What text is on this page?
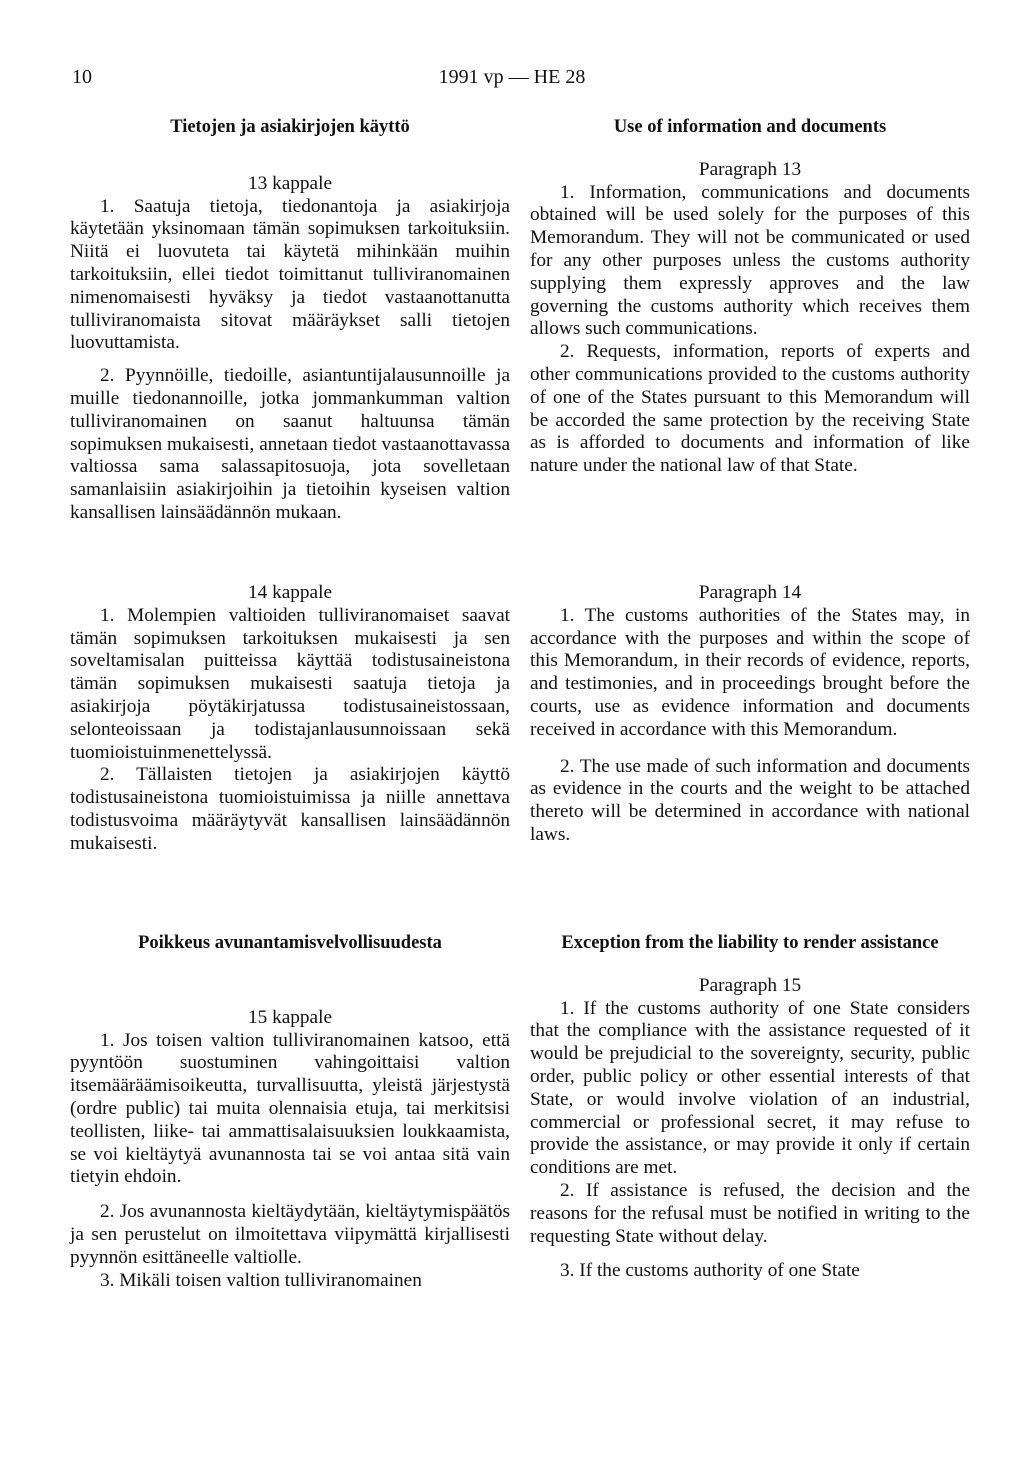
10	1991 vp — HE 28
Tietojen ja asiakirjojen käyttö
13 kappale

1. Saatuja tietoja, tiedonantoja ja asiakirjoja käytetään yksinomaan tämän sopimuksen tarkoituksiin. Niitä ei luovuteta tai käytetä mihinkään muihin tarkoituksiin, ellei tiedot toimittanut tulliviranomainen nimenomaisesti hyväksy ja tiedot vastaanottanutta tulliviranomaista sitovat määräykset salli tietojen luovuttamista.

2. Pyynnöille, tiedoille, asiantuntijalausunnoille ja muille tiedonannoille, jotka jommankumman valtion tulliviranomainen on saanut haltuunsa tämän sopimuksen mukaisesti, annetaan tiedot vastaanottavassa valtiossa sama salassapitosuoja, jota sovelletaan samanlaisiin asiakirjoihin ja tietoihin kyseisen valtion kansallisen lainsäädännön mukaan.

14 kappale

1. Molempien valtioiden tulliviranomaiset saavat tämän sopimuksen tarkoituksen mukaisesti ja sen soveltamisalan puitteissa käyttää todistusaineistona tämän sopimuksen mukaisesti saatuja tietoja ja asiakirjoja pöytäkirjatussa todistusaineistossaan, selonteoissaan ja todistajanlausunnoissaan sekä tuomioistuinmenettelyssä.

2. Tällaisten tietojen ja asiakirjojen käyttö todistusaineistona tuomioistuimissa ja niille annettava todistusvoima määräytyvät kansallisen lainsäädännön mukaisesti.

Poikkeus avunantamisvelvollisuudesta
15 kappale

1. Jos toisen valtion tulliviranomainen katsoo, että pyyntöön suostuminen vahingoittaisi valtion itsemääräämisoikeutta, turvallisuutta, yleistä järjestystä (ordre public) tai muita olennaisia etuja, tai merkitsisi teollisten, liike- tai ammattisalaisuuksien loukkaamista, se voi kieltäytyä avunannosta tai se voi antaa sitä vain tietyin ehdoin.

2. Jos avunannosta kieltäydytään, kieltäytymispäätös ja sen perustelut on ilmoitettava viipymättä kirjallisesti pyynnön esittäneelle valtiolle.

3. Mikäli toisen valtion tulliviranomainen

Use of information and documents
Paragraph 13

1. Information, communications and documents obtained will be used solely for the purposes of this Memorandum. They will not be communicated or used for any other purposes unless the customs authority supplying them expressly approves and the law governing the customs authority which receives them allows such communications.

2. Requests, information, reports of experts and other communications provided to the customs authority of one of the States pursuant to this Memorandum will be accorded the same protection by the receiving State as is afforded to documents and information of like nature under the national law of that State.

Paragraph 14

1. The customs authorities of the States may, in accordance with the purposes and within the scope of this Memorandum, in their records of evidence, reports, and testimonies, and in proceedings brought before the courts, use as evidence information and documents received in accordance with this Memorandum.

2. The use made of such information and documents as evidence in the courts and the weight to be attached thereto will be determined in accordance with national laws.

Exception from the liability to render assistance
Paragraph 15

1. If the customs authority of one State considers that the compliance with the assistance requested of it would be prejudicial to the sovereignty, security, public order, public policy or other essential interests of that State, or would involve violation of an industrial, commercial or professional secret, it may refuse to provide the assistance, or may provide it only if certain conditions are met.

2. If assistance is refused, the decision and the reasons for the refusal must be notified in writing to the requesting State without delay.

3. If the customs authority of one State
